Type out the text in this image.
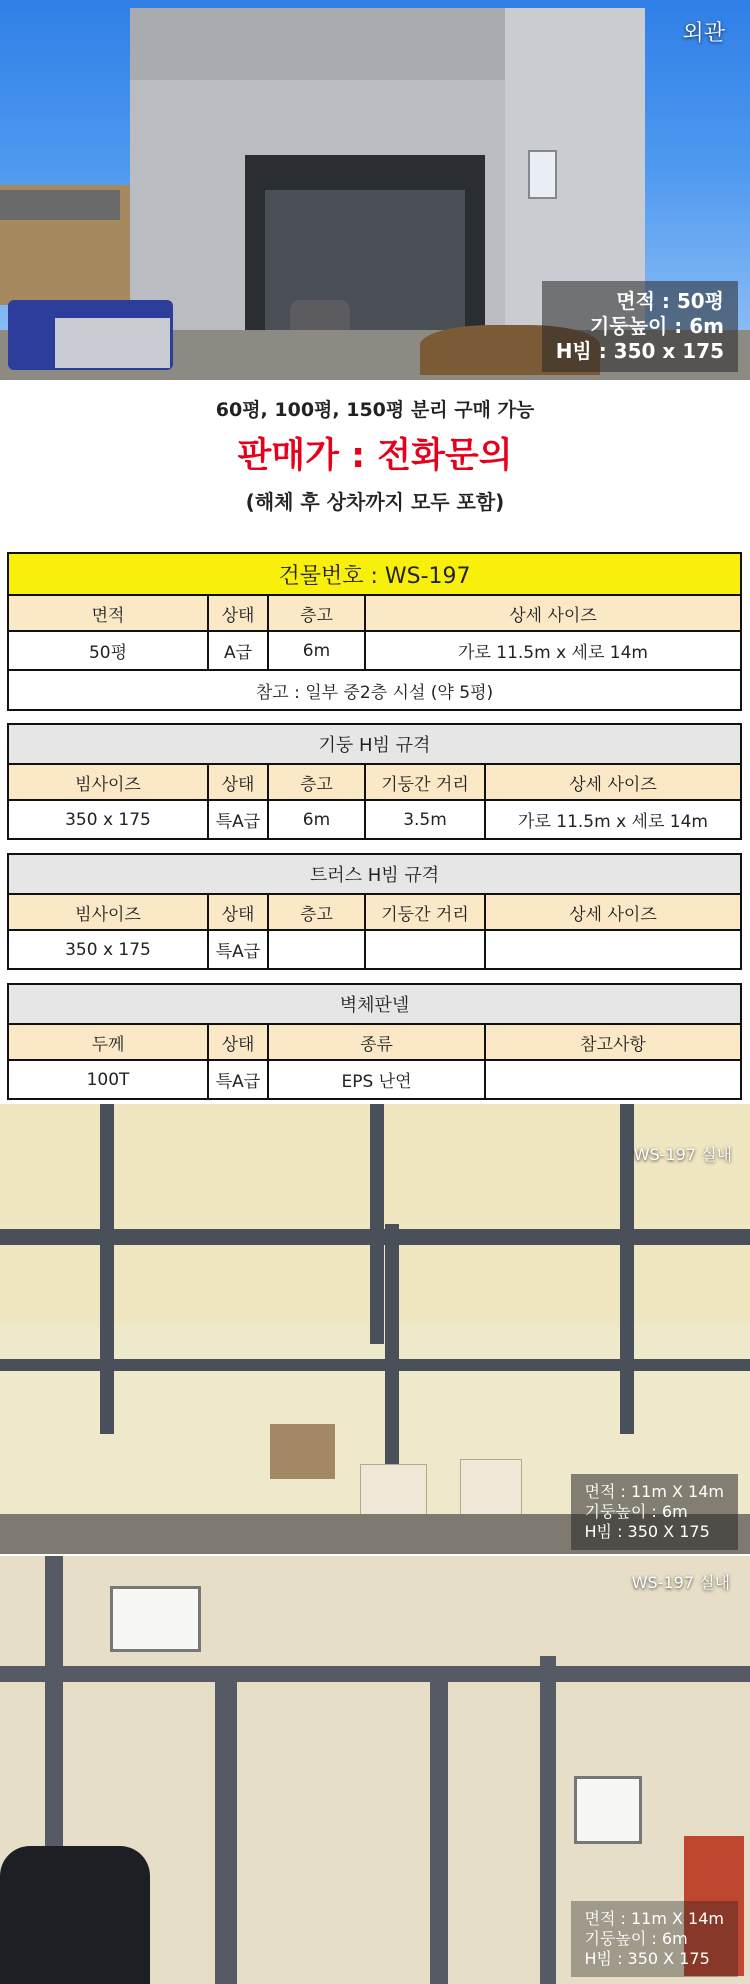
외관
면적 : 50평
기둥높이 : 6m
H빔 : 350 x 175
60평, 100평, 150평 분리 구매 가능
판매가 : 전화문의
(해체 후 상차까지 모두 포함)
건물번호 : WS-197			
면적	상태	층고	상세 사이즈
50평	A급	6m	가로 11.5m x 세로 14m
참고 : 일부 중2층 시설 (약 5평)			
기둥 H빔 규격				
빔사이즈	상태	층고	기둥간 거리	상세 사이즈
350 x 175	특A급	6m	3.5m	가로 11.5m x 세로 14m
트러스 H빔 규격				
빔사이즈	상태	층고	기둥간 거리	상세 사이즈
350 x 175	특A급			
벽체판넬			
두께	상태	종류	참고사항
100T	특A급	EPS 난연	
WS-197 실내
면적 : 11m X 14m
기둥높이 : 6m
H빔 : 350 X 175
WS-197 실내
면적 : 11m X 14m
기둥높이 : 6m
H빔 : 350 X 175
